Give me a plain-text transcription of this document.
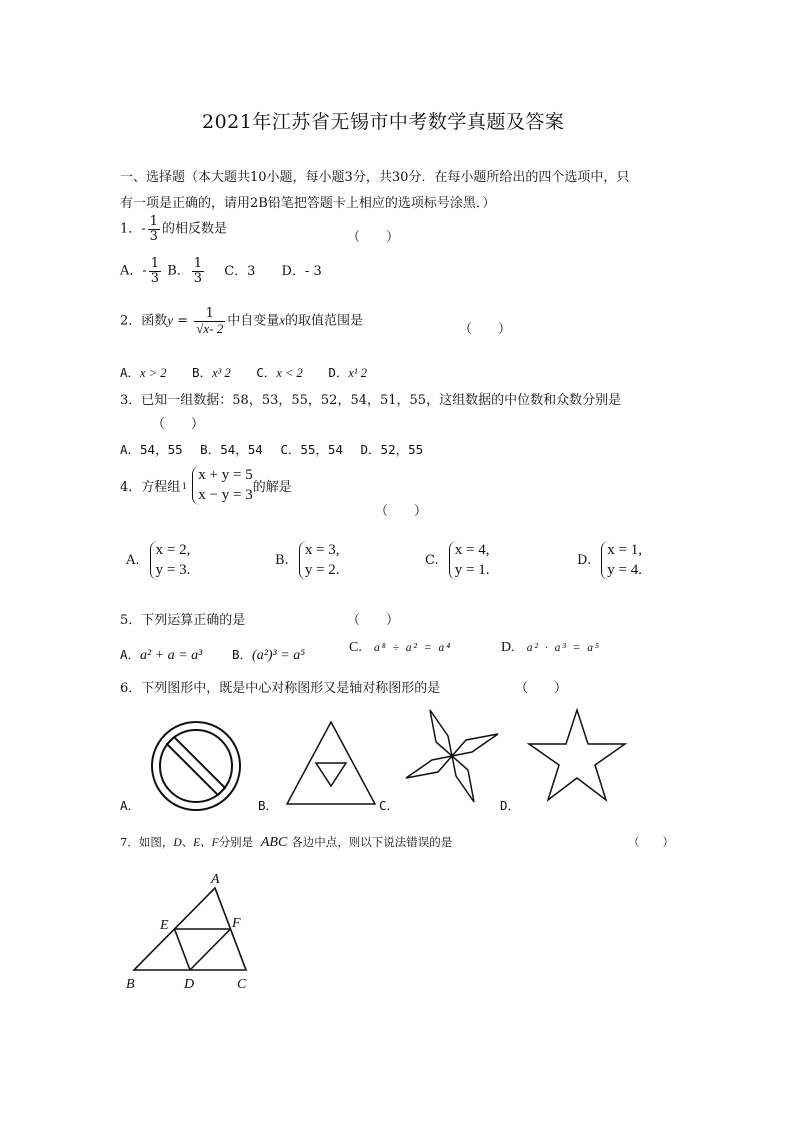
2021年江苏省无锡市中考数学真题及答案
一、选择题（本大题共10小题，每小题3分，共30分．在每小题所给出的四个选项中，只
有一项是正确的，请用2B铅笔把答题卡上相应的选项标号涂黑．）
1．- $\frac{1}{3}$ 的相反数是
（　　）
A．- $\frac{1}{3}$ B． $\frac{1}{3}$ C．3 D．- 3
2．函数$y = \frac{1}{√x- 2}$ 中自变量x的取值范围是
（　　）
A．x > 2 B．x³ 2 C．x < 2 D．x¹ 2
3．已知一组数据：58，53，55，52，54，51，55，这组数据的中位数和众数分别是
（　　）
A．54，55 B．54，54 C．55，54 D．52，55
1
4．方程组
x + y = 5
x − y = 3 的解是
（　　）
A.
x = 2,
y = 3.
B.
x = 3,
y = 2.
C.
x = 4,
y = 1.
D.
x = 1,
y = 4.
5．下列运算正确的是	（　　）
A．a² + a = a³ B．(a²)³ = a⁵
C. a⁸ ÷ a² = a⁴	D. a² · a³ = a⁵
6．下列图形中，既是中心对称图形又是轴对称图形的是	（　　）
A．	B．	C．	D．
7．如图，D、E、F分别是 ABC 各边中点，则以下说法错误的是	（　　）
A
E	F
B	D	C
